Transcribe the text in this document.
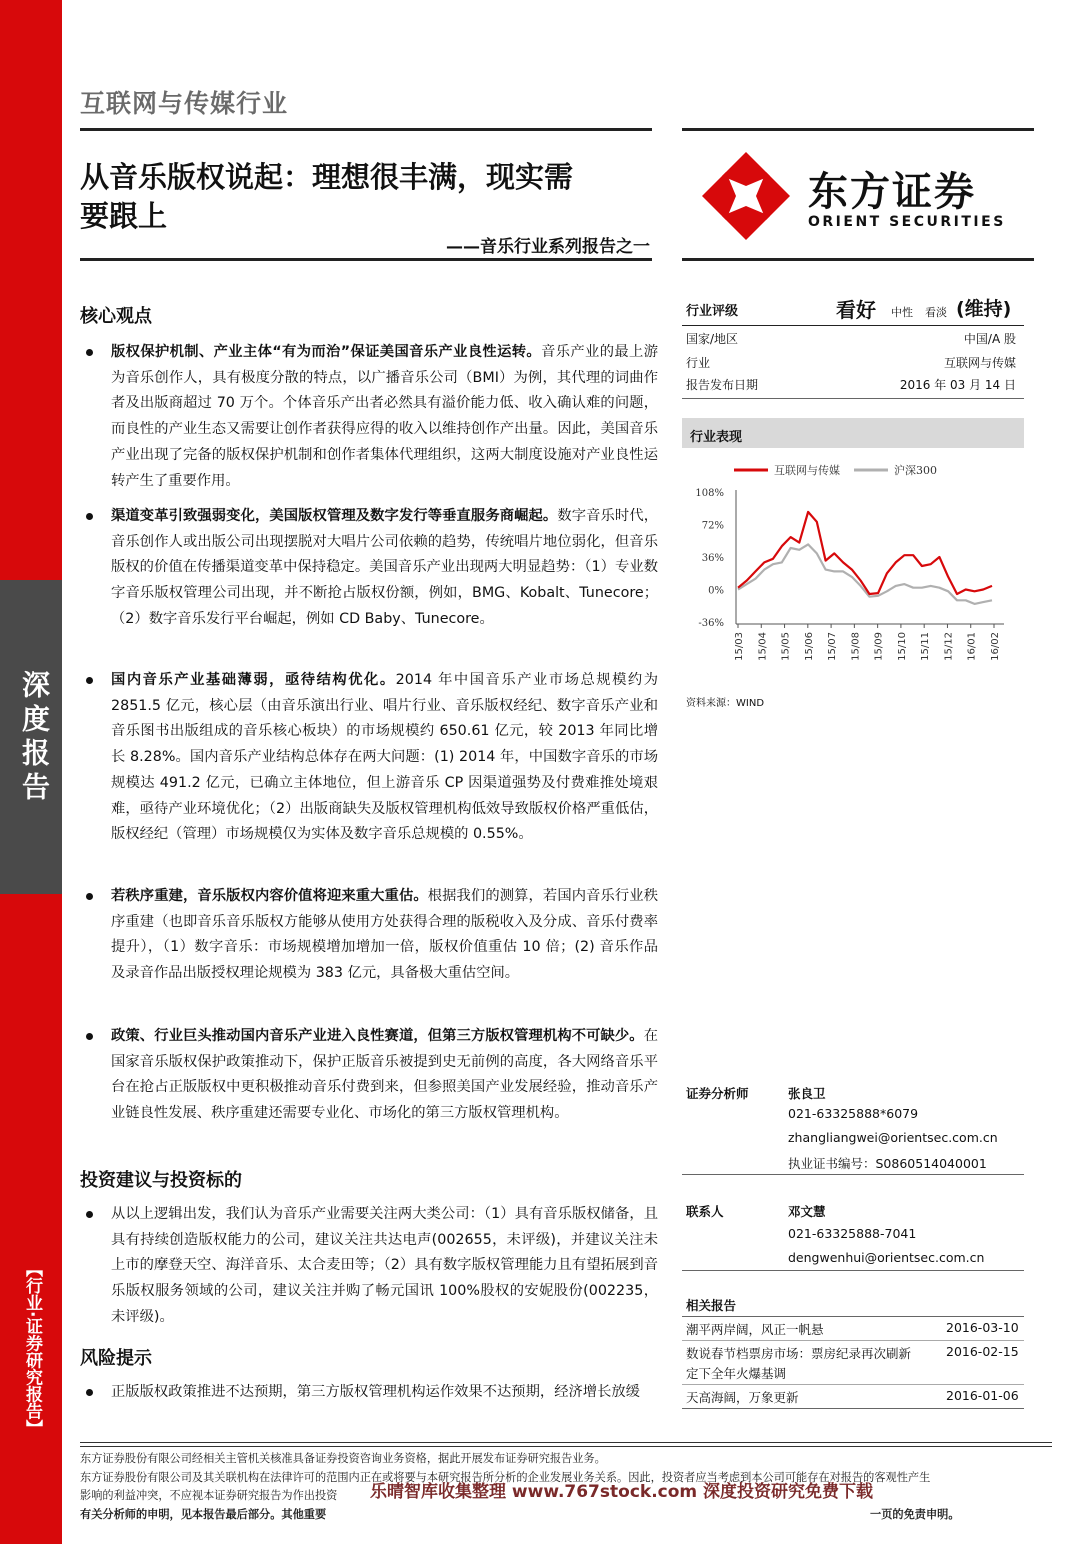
深度报告
【行业·证券研究报告】
互联网与传媒行业
从音乐版权说起：理想很丰满，现实需
要跟上
——音乐行业系列报告之一
东方证券
ORIENT SECURITIES
核心观点

版权保护机制、产业主体“有为而治”保证美国音乐产业良性运转。音乐产业的最上游为音乐创作人，具有极度分散的特点，以广播音乐公司（BMI）为例，其代理的词曲作者及出版商超过 70 万个。个体音乐产出者必然具有溢价能力低、收入确认难的问题，而良性的产业生态又需要让创作者获得应得的收入以维持创作产出量。因此，美国音乐产业出现了完备的版权保护机制和创作者集体代理组织，这两大制度设施对产业良性运转产生了重要作用。

渠道变革引致强弱变化，美国版权管理及数字发行等垂直服务商崛起。数字音乐时代，音乐创作人或出版公司出现摆脱对大唱片公司依赖的趋势，传统唱片地位弱化，但音乐版权的价值在传播渠道变革中保持稳定。美国音乐产业出现两大明显趋势：（1）专业数字音乐版权管理公司出现，并不断抢占版权份额，例如，BMG、Kobalt、Tunecore；（2）数字音乐发行平台崛起，例如 CD Baby、Tunecore。

国内音乐产业基础薄弱，亟待结构优化。2014 年中国音乐产业市场总规模约为 2851.5 亿元，核心层（由音乐演出行业、唱片行业、音乐版权经纪、数字音乐产业和音乐图书出版组成的音乐核心板块）的市场规模约 650.61 亿元，较 2013 年同比增长 8.28%。国内音乐产业结构总体存在两大问题：(1) 2014 年，中国数字音乐的市场规模达 491.2 亿元，已确立主体地位，但上游音乐 CP 因渠道强势及付费难推处境艰难，亟待产业环境优化；（2）出版商缺失及版权管理机构低效导致版权价格严重低估，版权经纪（管理）市场规模仅为实体及数字音乐总规模的 0.55%。

若秩序重建，音乐版权内容价值将迎来重大重估。根据我们的测算，若国内音乐行业秩序重建（也即音乐音乐版权方能够从使用方处获得合理的版税收入及分成、音乐付费率提升），（1）数字音乐：市场规模增加增加一倍，版权价值重估 10 倍；(2) 音乐作品及录音作品出版授权理论规模为 383 亿元，具备极大重估空间。

政策、行业巨头推动国内音乐产业进入良性赛道，但第三方版权管理机构不可缺少。在国家音乐版权保护政策推动下，保护正版音乐被提到史无前例的高度，各大网络音乐平台在抢占正版版权中更积极推动音乐付费到来，但参照美国产业发展经验，推动音乐产业链良性发展、秩序重建还需要专业化、市场化的第三方版权管理机构。

投资建议与投资标的

从以上逻辑出发，我们认为音乐产业需要关注两大类公司：（1）具有音乐版权储备，且具有持续创造版权能力的公司，建议关注共达电声(002655，未评级)，并建议关注未上市的摩登天空、海洋音乐、太合麦田等；（2）具有数字版权管理能力且有望拓展到音乐版权服务领域的公司，建议关注并购了畅元国讯 100%股权的安妮股份(002235，未评级)。

风险提示

正版版权政策推进不达预期，第三方版权管理机构运作效果不达预期，经济增长放缓

行业评级	看好 中性 看淡 (维持)
国家/地区	中国/A 股
行业	互联网与传媒
报告发布日期	2016 年 03 月 14 日
行业表现
互联网与传媒	沪深300
108%
72%
36%
0%
-36%
15/03 15/04 15/05 15/06 15/07 15/08 15/09 15/10 15/11 15/12 16/01 16/02
资料来源：WIND
证券分析师	张良卫
021-63325888*6079
zhangliangwei@orientsec.com.cn
执业证书编号：S0860514040001
联系人	邓文慧
021-63325888-7041
dengwenhui@orientsec.com.cn
相关报告
潮平两岸阔，风正一帆悬	2016-03-10
数说春节档票房市场：票房纪录再次刷新
定下全年火爆基调
2016-02-15
天高海阔，万象更新	2016-01-06
东方证券股份有限公司经相关主管机关核准具备证券投资咨询业务资格，据此开展发布证券研究报告业务。
东方证券股份有限公司及其关联机构在法律许可的范围内正在或将要与本研究报告所分析的企业发展业务关系。因此，投资者应当考虑到本公司可能存在对报告的客观性产生
影响的利益冲突，不应视本证券研究报告为作出投资 乐晴智库收集整理 www.767stock.com 深度投资研究免费下载
有关分析师的申明，见本报告最后部分。其他重要	一页的免责申明。
